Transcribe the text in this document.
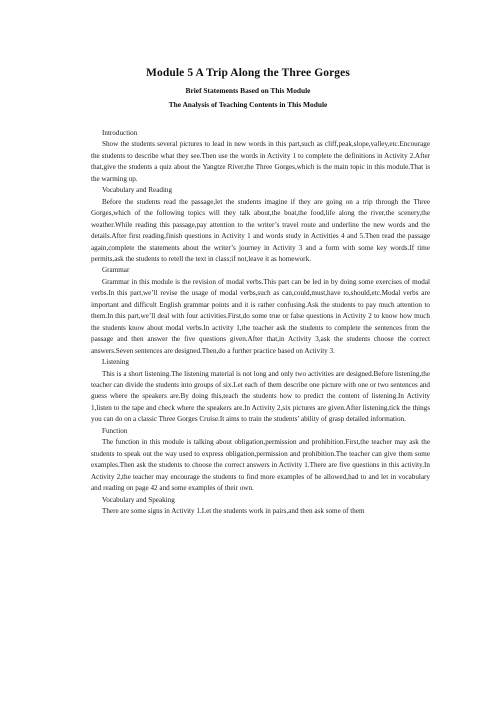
Module 5 A Trip Along the Three Gorges
Brief Statements Based on This Module
The Analysis of Teaching Contents in This Module
Introduction
Show the students several pictures to lead in new words in this part,such as cliff,peak,slope,valley,etc.Encourage the students to describe what they see.Then use the words in Activity 1 to complete the definitions in Activity 2.After that,give the students a quiz about the Yangtze River,the Three Gorges,which is the main topic in this module.That is the warming up.
Vocabulary and Reading
Before the students read the passage,let the students imagine if they are going on a trip through the Three Gorges,which of the following topics will they talk about,the boat,the food,life along the river,the scenery,the weather.While reading this passage,pay attention to the writer’s travel route and underline the new words and the details.After first reading,finish questions in Activity 1 and words study in Activities 4 and 5.Then read the passage again,complete the statements about the writer’s journey in Activity 3 and a form with some key words.If time permits,ask the students to retell the text in class;if not,leave it as homework.
Grammar
Grammar in this module is the revision of modal verbs.This part can be led in by doing some exercises of modal verbs.In this part,we’ll revise the usage of modal verbs,such as can,could,must,have to,should,etc.Modal verbs are important and difficult English grammar points and it is rather confusing.Ask the students to pay much attention to them.In this part,we’ll deal with four activities.First,do some true or false questions in Activity 2 to know how much the students know about modal verbs.In activity 1,the teacher ask the students to complete the sentences from the passage and then answer the five questions given.After that,in Activity 3,ask the students choose the correct answers.Seven sentences are designed.Then,do a further practice based on Activity 3.
Listening
This is a short listening.The listening material is not long and only two activities are designed.Before listening,the teacher can divide the students into groups of six.Let each of them describe one picture with one or two sentences and guess where the speakers are.By doing this,teach the students how to predict the content of listening.In Activity 1,listen to the tape and check where the speakers are.In Activity 2,six pictures are given.After listening,tick the things you can do on a classic Three Gorges Cruise.It aims to train the students’ ability of grasp detailed information.
Function
The function in this module is talking about obligation,permission and prohibition.First,the teacher may ask the students to speak out the way used to express obligation,permission and prohibition.The teacher can give them some examples.Then ask the students to choose the correct answers in Activity 1.There are five questions in this activity.In Activity 2,the teacher may encourage the students to find more examples of be allowed,had to and let in vocabulary and reading on page 42 and some examples of their own.
Vocabulary and Speaking
There are some signs in Activity 1.Let the students work in pairs,and then ask some of them
